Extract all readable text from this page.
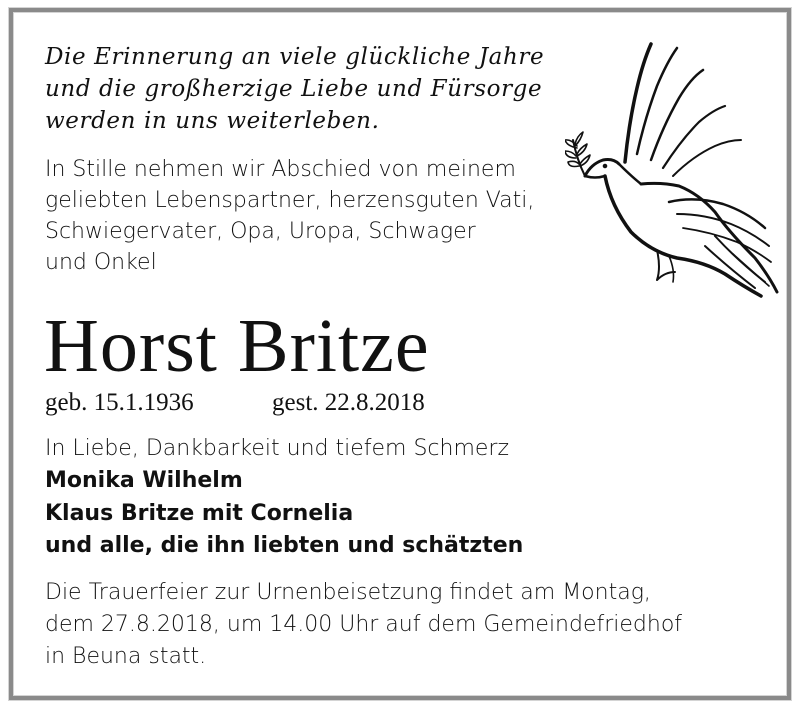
Die Erinnerung an viele glückliche Jahre
und die großherzige Liebe und Fürsorge
werden in uns weiterleben.
In Stille nehmen wir Abschied von meinem
geliebten Lebenspartner, herzensguten Vati,
Schwiegervater, Opa, Uropa, Schwager
und Onkel
Horst Britze
geb. 15.1.1936	gest. 22.8.2018
In Liebe, Dankbarkeit und tiefem Schmerz
Monika Wilhelm
Klaus Britze mit Cornelia
und alle, die ihn liebten und schätzten
Die Trauerfeier zur Urnenbeisetzung findet am Montag,
dem 27.8.2018, um 14.00 Uhr auf dem Gemeindefriedhof
in Beuna statt.
